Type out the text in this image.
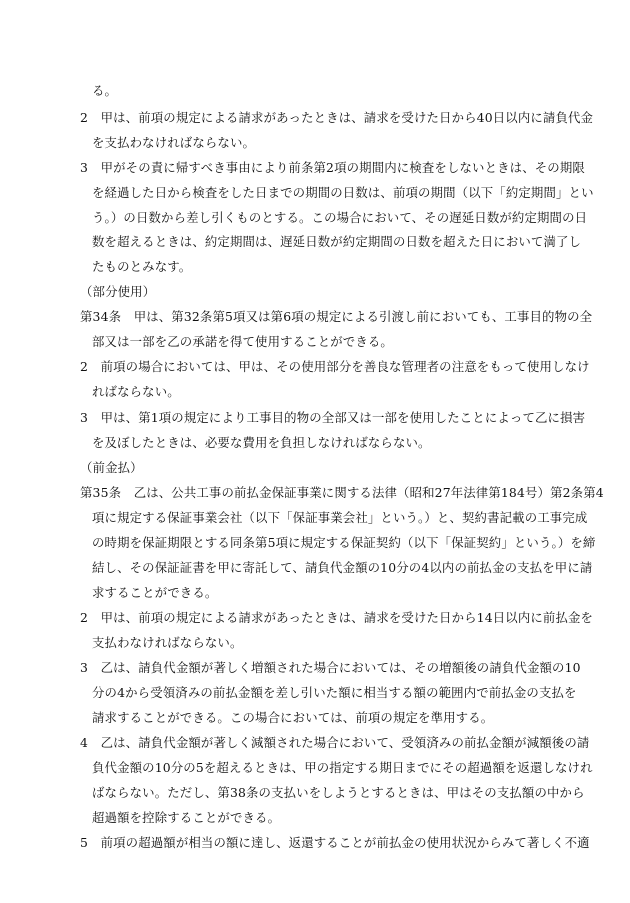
る。
2　甲は、前項の規定による請求があったときは、請求を受けた日から40日以内に請負代金
を支払わなければならない。
3　甲がその責に帰すべき事由により前条第2項の期間内に検査をしないときは、その期限
を経過した日から検査をした日までの期間の日数は、前項の期間（以下「約定期間」とい
う。）の日数から差し引くものとする。この場合において、その遅延日数が約定期間の日
数を超えるときは、約定期間は、遅延日数が約定期間の日数を超えた日において満了し
たものとみなす。
（部分使用）
第34条　甲は、第32条第5項又は第6項の規定による引渡し前においても、工事目的物の全
部又は一部を乙の承諾を得て使用することができる。
2　前項の場合においては、甲は、その使用部分を善良な管理者の注意をもって使用しなけ
ればならない。
3　甲は、第1項の規定により工事目的物の全部又は一部を使用したことによって乙に損害
を及ぼしたときは、必要な費用を負担しなければならない。
（前金払）
第35条　乙は、公共工事の前払金保証事業に関する法律（昭和27年法律第184号）第2条第4
項に規定する保証事業会社（以下「保証事業会社」という。）と、契約書記載の工事完成
の時期を保証期限とする同条第5項に規定する保証契約（以下「保証契約」という。）を締
結し、その保証証書を甲に寄託して、請負代金額の10分の4以内の前払金の支払を甲に請
求することができる。
2　甲は、前項の規定による請求があったときは、請求を受けた日から14日以内に前払金を
支払わなければならない。
3　乙は、請負代金額が著しく増額された場合においては、その増額後の請負代金額の10
分の4から受領済みの前払金額を差し引いた額に相当する額の範囲内で前払金の支払を
請求することができる。この場合においては、前項の規定を準用する。
4　乙は、請負代金額が著しく減額された場合において、受領済みの前払金額が減額後の請
負代金額の10分の5を超えるときは、甲の指定する期日までにその超過額を返還しなけれ
ばならない。ただし、第38条の支払いをしようとするときは、甲はその支払額の中から
超過額を控除することができる。
5　前項の超過額が相当の額に達し、返還することが前払金の使用状況からみて著しく不適
